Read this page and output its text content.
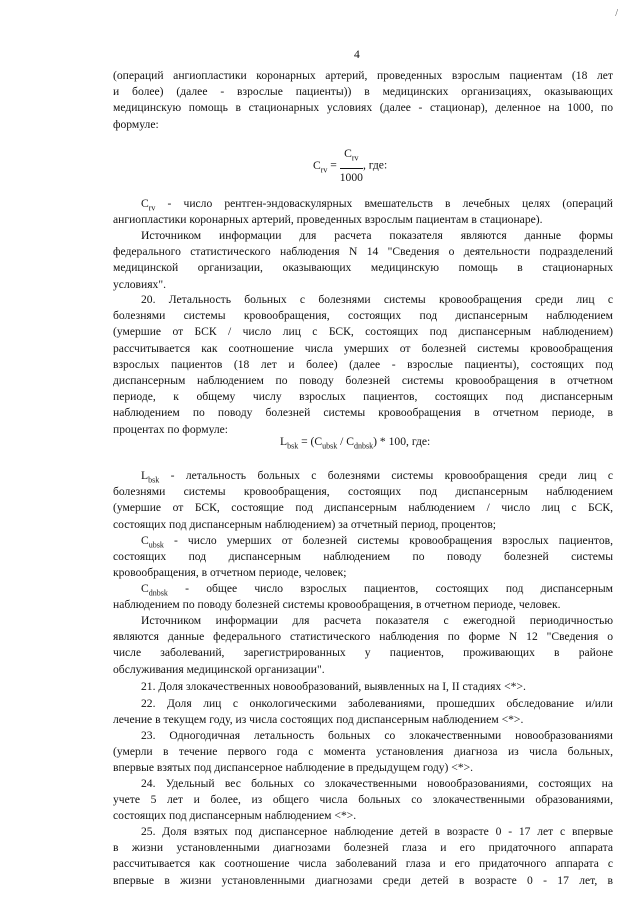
/
4
(операций ангиопластики коронарных артерий, проведенных взрослым пациентам (18 лет
и более) (далее - взрослые пациенты)) в медицинских организациях, оказывающих
медицинскую помощь в стационарных условиях (далее - стационар), деленное на 1000, по
формуле:
$C_{rv} = \frac{C_{rv}}{1000}$ , где:
$C_{rv}$ - число рентген-эндоваскулярных вмешательств в лечебных целях (операций
ангиопластики коронарных артерий, проведенных взрослым пациентам в стационаре).
Источником информации для расчета показателя являются данные формы
федерального статистического наблюдения N 14 "Сведения о деятельности подразделений
медицинской организации, оказывающих медицинскую помощь в стационарных
условиях".
20. Летальность больных с болезнями системы кровообращения среди лиц с
болезнями системы кровообращения, состоящих под диспансерным наблюдением
(умершие от БСК / число лиц с БСК, состоящих под диспансерным наблюдением)
рассчитывается как соотношение числа умерших от болезней системы кровообращения
взрослых пациентов (18 лет и более) (далее - взрослые пациенты), состоящих под
диспансерным наблюдением по поводу болезней системы кровообращения в отчетном
периоде, к общему числу взрослых пациентов, состоящих под диспансерным
наблюдением по поводу болезней системы кровообращения в отчетном периоде, в
процентах по формуле:
$L_{bsk} = (C_{ubsk} / C_{dnbsk}) * 100$, где:
$L_{bsk}$ - летальность больных с болезнями системы кровообращения среди лиц с
болезнями системы кровообращения, состоящих под диспансерным наблюдением
(умершие от БСК, состоящие под диспансерным наблюдением / число лиц с БСК,
состоящих под диспансерным наблюдением) за отчетный период, процентов;
$C_{ubsk}$ - число умерших от болезней системы кровообращения взрослых пациентов,
состоящих под диспансерным наблюдением по поводу болезней системы
кровообращения, в отчетном периоде, человек;
$C_{dnbsk}$ - общее число взрослых пациентов, состоящих под диспансерным
наблюдением по поводу болезней системы кровообращения, в отчетном периоде, человек.
Источником информации для расчета показателя с ежегодной периодичностью
являются данные федерального статистического наблюдения по форме N 12 "Сведения о
числе заболеваний, зарегистрированных у пациентов, проживающих в районе
обслуживания медицинской организации".
21. Доля злокачественных новообразований, выявленных на I, II стадиях <*>.
22. Доля лиц с онкологическими заболеваниями, прошедших обследование и/или
лечение в текущем году, из числа состоящих под диспансерным наблюдением <*>.
23. Одногодичная летальность больных со злокачественными новообразованиями
(умерли в течение первого года с момента установления диагноза из числа больных,
впервые взятых под диспансерное наблюдение в предыдущем году) <*>.
24. Удельный вес больных со злокачественными новообразованиями, состоящих на
учете 5 лет и более, из общего числа больных со злокачественными образованиями,
состоящих под диспансерным наблюдением <*>.
25. Доля взятых под диспансерное наблюдение детей в возрасте 0 - 17 лет с впервые
в жизни установленными диагнозами болезней глаза и его придаточного аппарата
рассчитывается как соотношение числа заболеваний глаза и его придаточного аппарата с
впервые в жизни установленными диагнозами среди детей в возрасте 0 - 17 лет, в
